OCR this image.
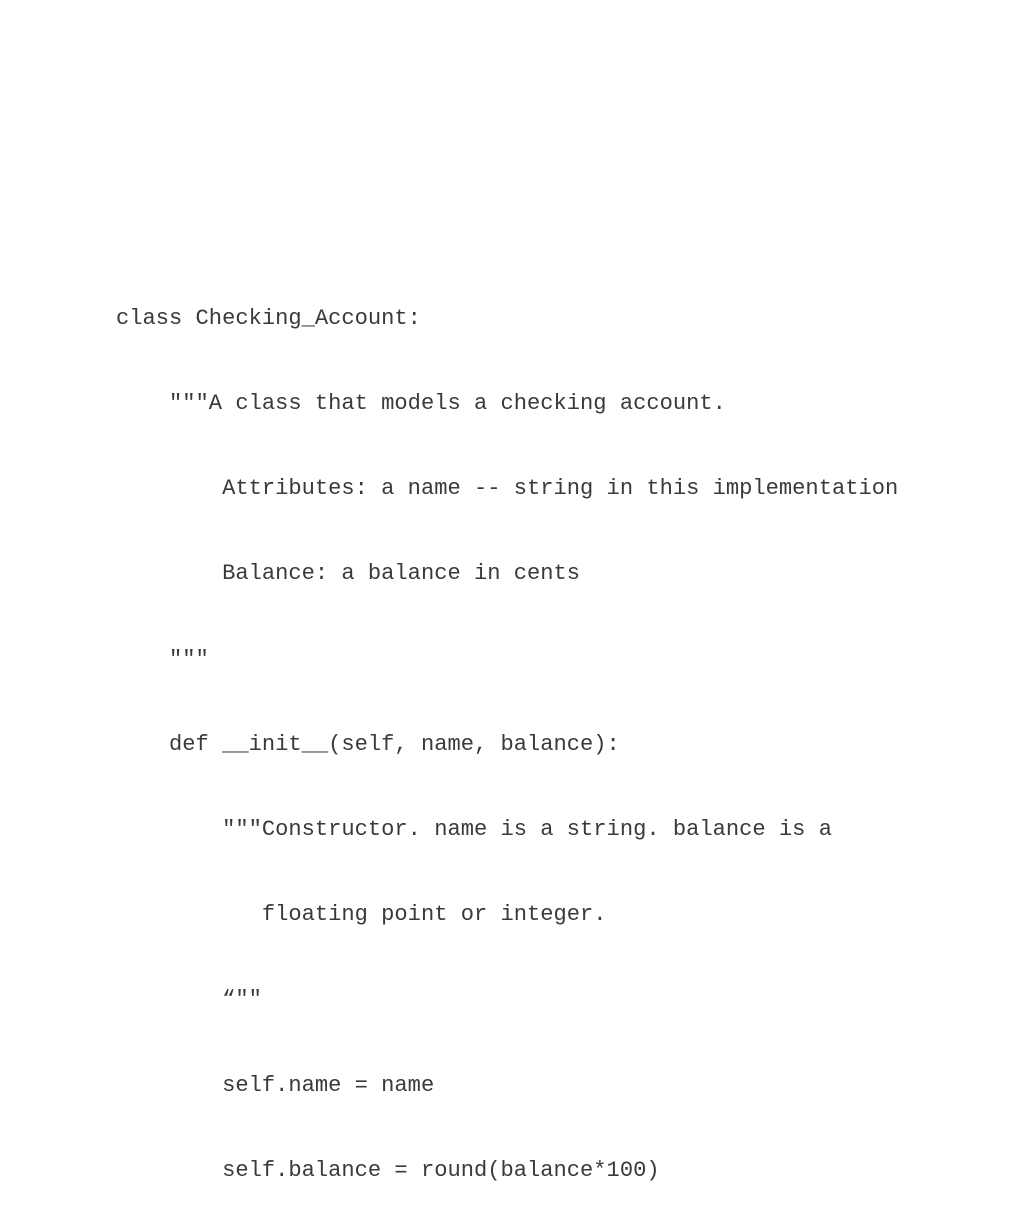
class Checking_Account:

"""A class that models a checking account.

Attributes: a name -- string in this implementation

Balance: a balance in cents

"""

def __init__(self, name, balance):

"""Constructor. name is a string. balance is a

floating point or integer.

“""

self.name = name

self.balance = round(balance*100)
